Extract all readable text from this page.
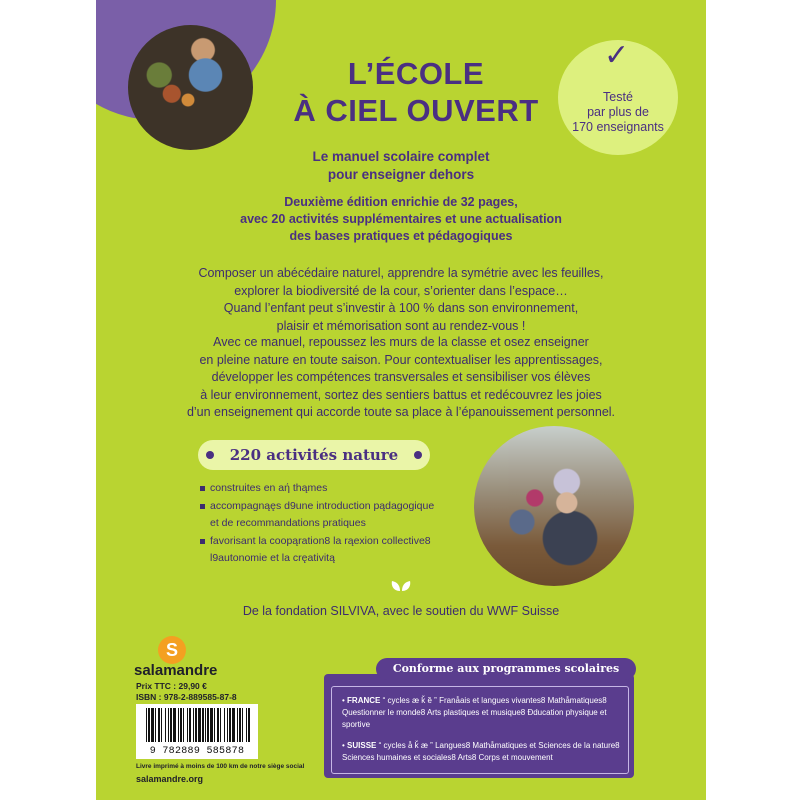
L’ÉCOLE
À CIEL OUVERT
✓
Testé
par plus de
170 enseignants
Le manuel scolaire complet
pour enseigner dehors
Deuxième édition enrichie de 32 pages,
avec 20 activités supplémentaires et une actualisation
des bases pratiques et pédagogiques
Composer un abécédaire naturel, apprendre la symétrie avec les feuilles,
explorer la biodiversité de la cour, s’orienter dans l’espace…
Quand l’enfant peut s’investir à 100 % dans son environnement,
plaisir et mémorisation sont au rendez-vous !
Avec ce manuel, repoussez les murs de la classe et osez enseigner
en pleine nature en toute saison. Pour contextualiser les apprentissages,
développer les compétences transversales et sensibiliser vos élèves
à leur environnement, sortez des sentiers battus et redécouvrez les joies
d’un enseignement qui accorde toute sa place à l’épanouissement personnel.
220 activités nature
construites en aή thąmes
accompagnąęs d9une introduction pądagogique
et de recommandations pratiques
favorisant la coopąration8 la rąexion collective8
l9autonomie et la cręativitą
De la fondation SILVIVA, avec le soutien du WWF Suisse
S
salamandre
Prix TTC : 29,90 €
ISBN : 978-2-889585-87-8
9 782889 585878
Livre imprimé à moins de 100 km de notre siège social
salamandre.org
• FRANCE “ cycles æ ǩ ȅ ” Franåais et langues vivantes8 Mathåmatiques8 Questionner le monde8 Arts plastiques et musique8 Ðducation physique et sportive
• SUISSE “ cycles å ǩ æ ” Langues8 Mathåmatiques et Sciences de la nature8 Sciences humaines et sociales8 Arts8 Corps et mouvement
Conforme aux programmes scolaires
